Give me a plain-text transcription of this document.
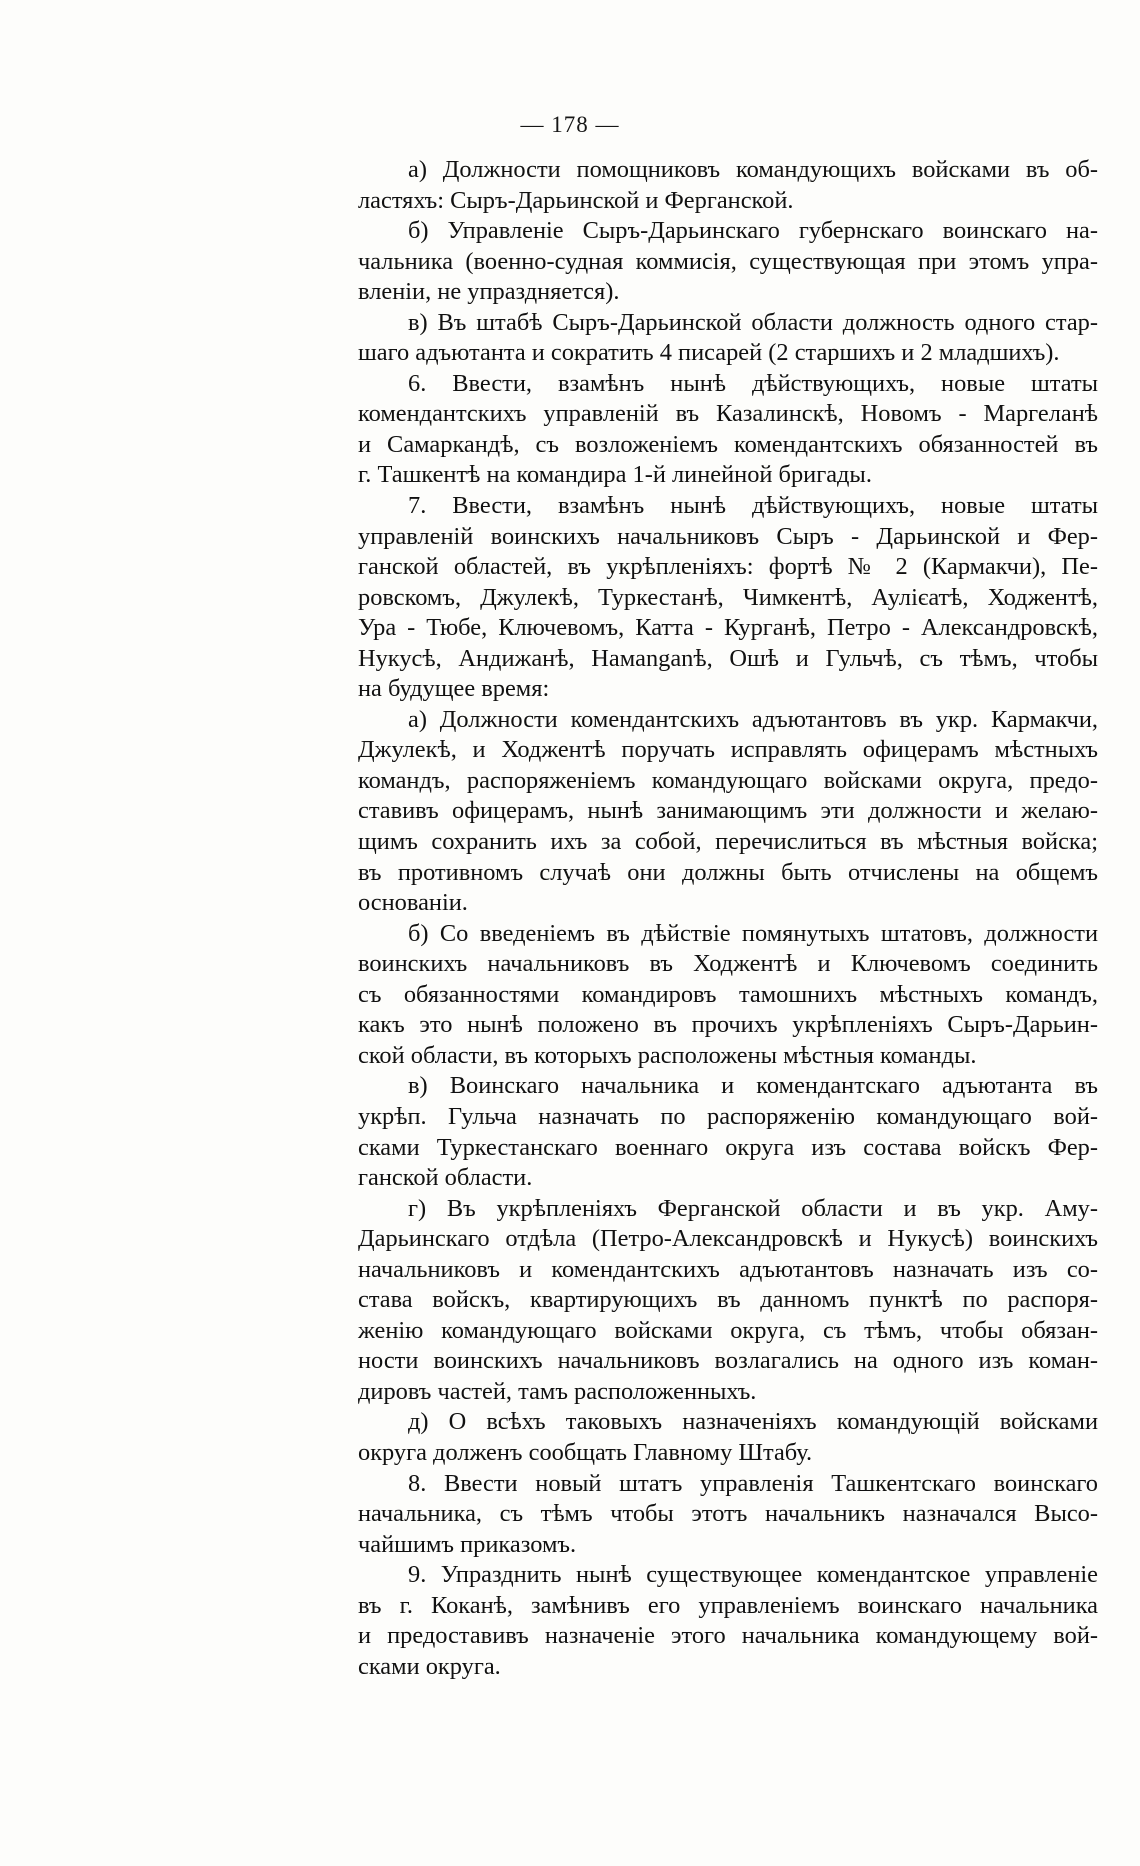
— 178 —
а) Должности помощниковъ командующихъ войсками въ об-
ластяхъ: Сыръ-Дарьинской и Ферганской.
б) Управленіе Сыръ-Дарьинскаго губернскаго воинскаго на-
чальника (военно-судная коммисія, существующая при этомъ упра-
вленіи, не упраздняется).
в) Въ штабѣ Сыръ-Дарьинской области должность одного стар-
шаго адъютанта и сократить 4 писарей (2 старшихъ и 2 младшихъ).
6. Ввести, взамѣнъ нынѣ дѣйствующихъ, новые штаты
комендантскихъ управленій въ Казалинскѣ, Новомъ - Маргеланѣ
и Самаркандѣ, съ возложеніемъ комендантскихъ обязанностей въ
г. Ташкентѣ на командира 1-й линейной бригады.
7. Ввести, взамѣнъ нынѣ дѣйствующихъ, новые штаты
управленій воинскихъ начальниковъ Сыръ - Дарьинской и Фер-
ганской областей, въ укрѣпленіяхъ: фортѣ № 2 (Кармакчи), Пе-
ровскомъ, Джулекѣ, Туркестанѣ, Чимкентѣ, Аулієатѣ, Ходжентѣ,
Ура - Тюбе, Ключевомъ, Катта - Курганѣ, Петро - Александровскѣ,
Нукусѣ, Андижанѣ, Намanganѣ, Ошѣ и Гульчѣ, съ тѣмъ, чтобы
на будущее время:
а) Должности комендантскихъ адъютантовъ въ укр. Кармакчи,
Джулекѣ, и Ходжентѣ поручать исправлять офицерамъ мѣстныхъ
командъ, распоряженіемъ командующаго войсками округа, предо-
ставивъ офицерамъ, нынѣ занимающимъ эти должности и желаю-
щимъ сохранить ихъ за собой, перечислиться въ мѣстныя войска;
въ противномъ случаѣ они должны быть отчислены на общемъ
основаніи.
б) Со введеніемъ въ дѣйствіе помянутыхъ штатовъ, должности
воинскихъ начальниковъ въ Ходжентѣ и Ключевомъ соединить
съ обязанностями командировъ тамошнихъ мѣстныхъ командъ,
какъ это нынѣ положено въ прочихъ укрѣпленіяхъ Сыръ-Дарьин-
ской области, въ которыхъ расположены мѣстныя команды.
в) Воинскаго начальника и комендантскаго адъютанта въ
укрѣп. Гульча назначать по распоряженію командующаго вой-
сками Туркестанскаго военнаго округа изъ состава войскъ Фер-
ганской области.
г) Въ укрѣпленіяхъ Ферганской области и въ укр. Аму-
Дарьинскаго отдѣла (Петро-Александровскѣ и Нукусѣ) воинскихъ
начальниковъ и комендантскихъ адъютантовъ назначать изъ со-
става войскъ, квартирующихъ въ данномъ пунктѣ по распоря-
женію командующаго войсками округа, съ тѣмъ, чтобы обязан-
ности воинскихъ начальниковъ возлагались на одного изъ коман-
дировъ частей, тамъ расположенныхъ.
д) О всѣхъ таковыхъ назначеніяхъ командующій войсками
округа долженъ сообщать Главному Штабу.
8. Ввести новый штатъ управленія Ташкентскаго воинскаго
начальника, съ тѣмъ чтобы этотъ начальникъ назначался Высо-
чайшимъ приказомъ.
9. Упразднить нынѣ существующее комендантское управленіе
въ г. Коканѣ, замѣнивъ его управленіемъ воинскаго начальника
и предоставивъ назначеніе этого начальника командующему вой-
сками округа.
